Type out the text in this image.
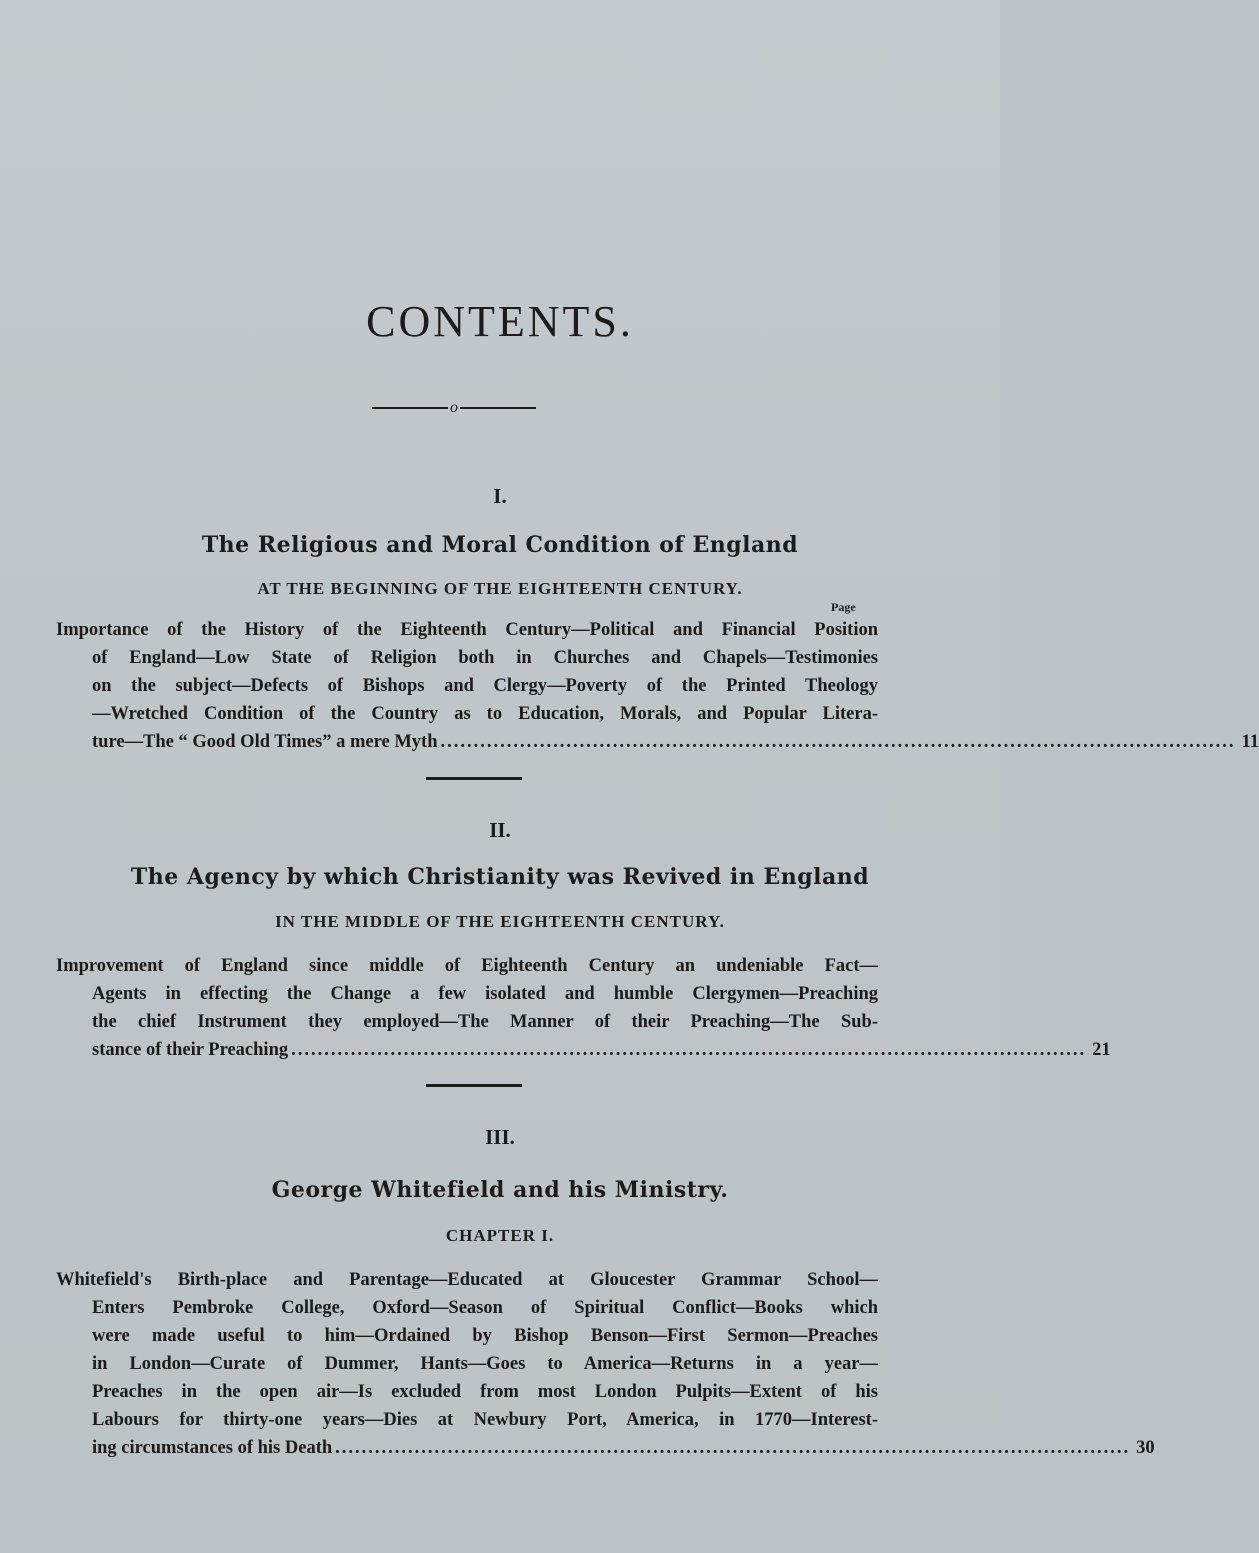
CONTENTS.
o
I.
The Religious and Moral Condition of England
AT THE BEGINNING OF THE EIGHTEENTH CENTURY.
Page
Importance of the History of the Eighteenth Century—Political and Financial Position
of England—Low State of Religion both in Churches and Chapels—Testimonies
on the subject—Defects of Bishops and Clergy—Poverty of the Printed Theology
—Wretched Condition of the Country as to Education, Morals, and Popular Litera-
ture—The “ Good Old Times” a mere Myth ........................................................................................................................ 11
II.
The Agency by which Christianity was Revived in England
IN THE MIDDLE OF THE EIGHTEENTH CENTURY.
Improvement of England since middle of Eighteenth Century an undeniable Fact—
Agents in effecting the Change a few isolated and humble Clergymen—Preaching
the chief Instrument they employed—The Manner of their Preaching—The Sub-
stance of their Preaching ........................................................................................................................ 21
III.
George Whitefield and his Ministry.
CHAPTER I.
Whitefield's Birth-place and Parentage—Educated at Gloucester Grammar School—
Enters Pembroke College, Oxford—Season of Spiritual Conflict—Books which
were made useful to him—Ordained by Bishop Benson—First Sermon—Preaches
in London—Curate of Dummer, Hants—Goes to America—Returns in a year—
Preaches in the open air—Is excluded from most London Pulpits—Extent of his
Labours for thirty-one years—Dies at Newbury Port, America, in 1770—Interest-
ing circumstances of his Death ........................................................................................................................ 30
